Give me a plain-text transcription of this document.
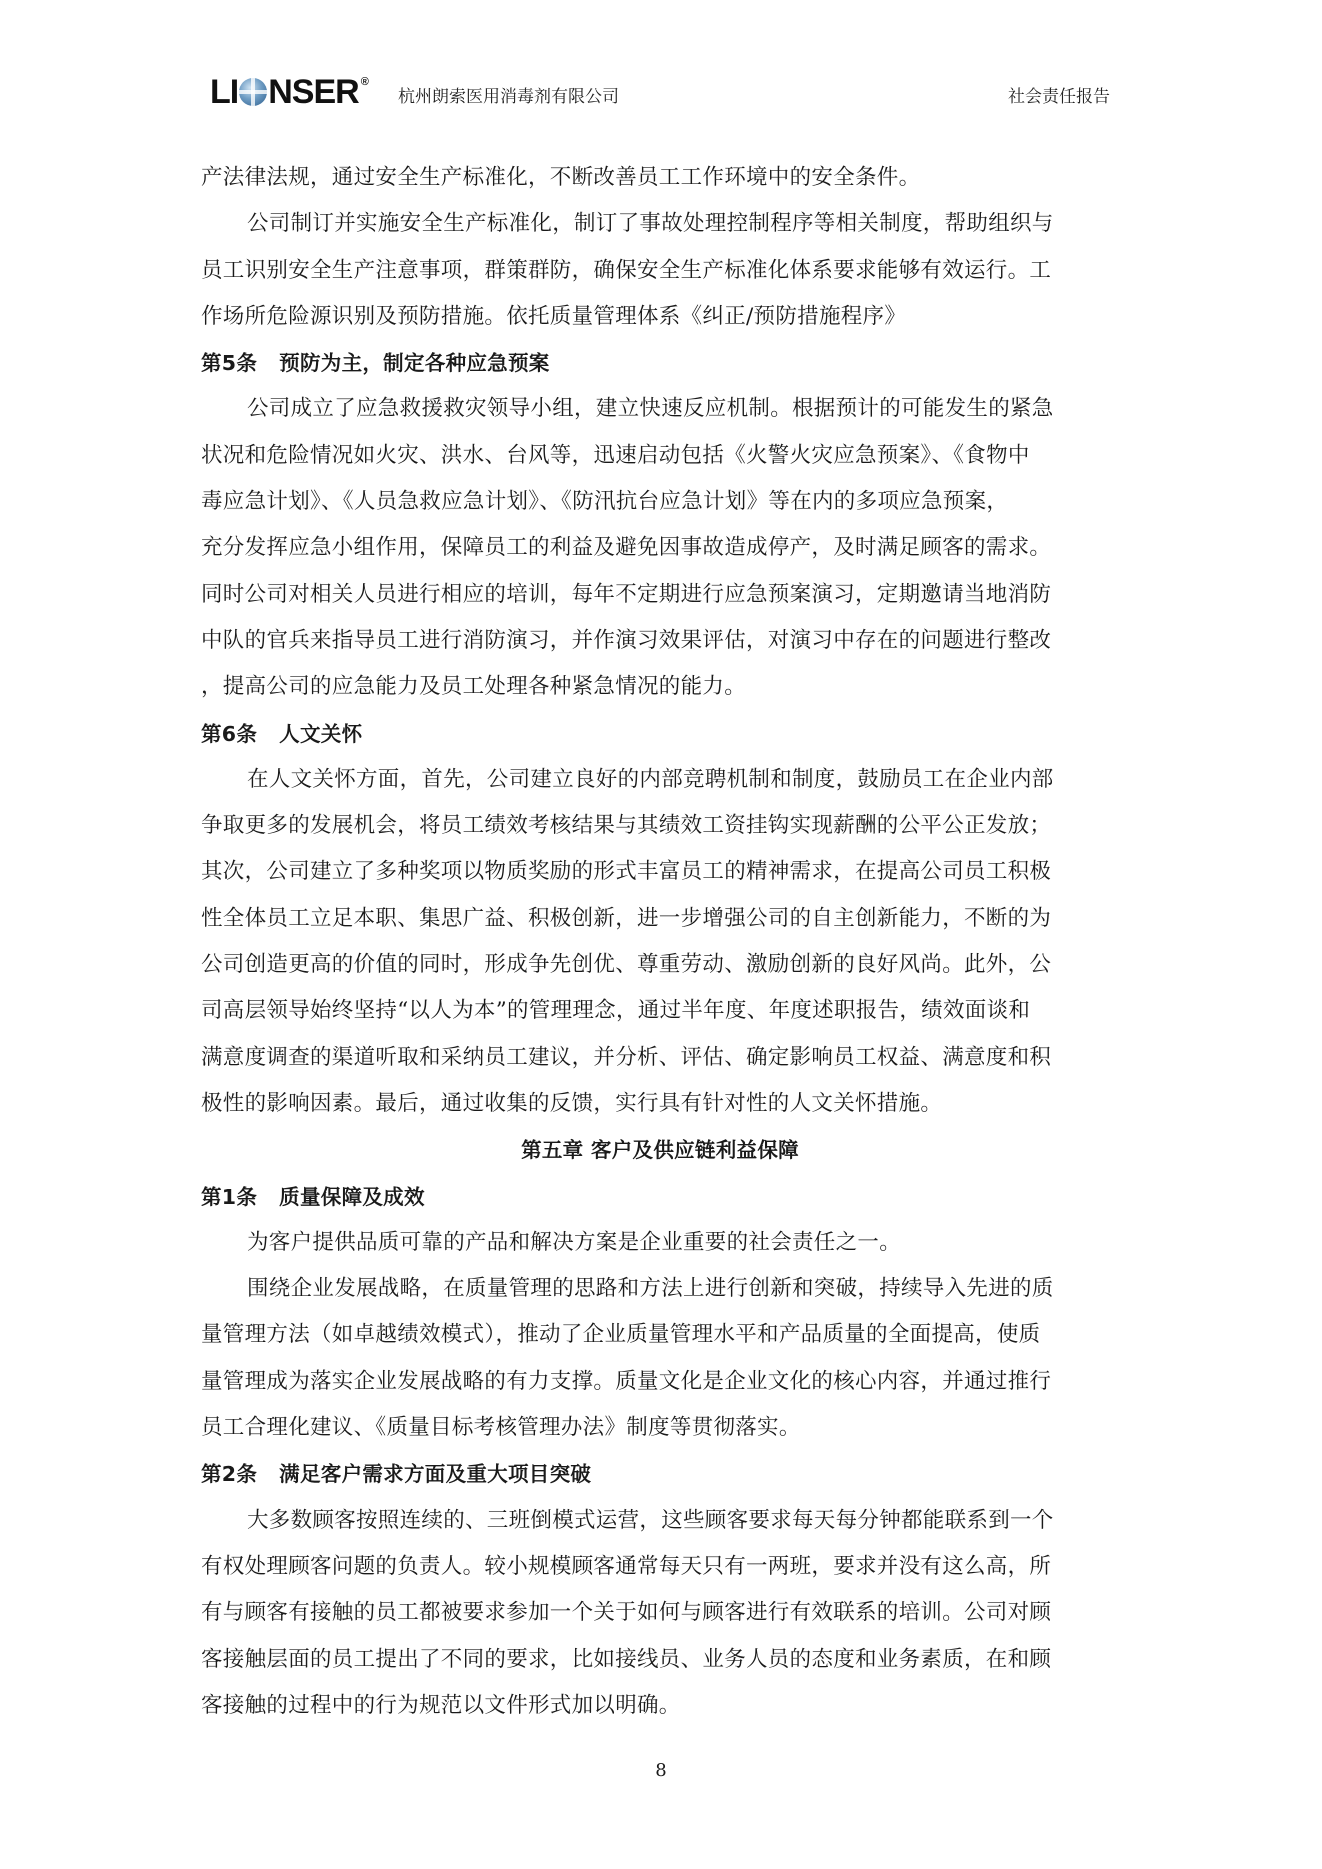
LI NSER ®
杭州朗索医用消毒剂有限公司	社会责任报告
产法律法规，通过安全生产标准化，不断改善员工工作环境中的安全条件。
公司制订并实施安全生产标准化，制订了事故处理控制程序等相关制度，帮助组织与
员工识别安全生产注意事项，群策群防，确保安全生产标准化体系要求能够有效运行。工
作场所危险源识别及预防措施。依托质量管理体系《纠正/预防措施程序》
第5条 预防为主，制定各种应急预案
公司成立了应急救援救灾领导小组，建立快速反应机制。根据预计的可能发生的紧急
状况和危险情况如火灾、洪水、台风等，迅速启动包括《火警火灾应急预案》、《食物中
毒应急计划》、《人员急救应急计划》、《防汛抗台应急计划》等在内的多项应急预案，
充分发挥应急小组作用，保障员工的利益及避免因事故造成停产，及时满足顾客的需求。
同时公司对相关人员进行相应的培训，每年不定期进行应急预案演习，定期邀请当地消防
中队的官兵来指导员工进行消防演习，并作演习效果评估，对演习中存在的问题进行整改
，提高公司的应急能力及员工处理各种紧急情况的能力。
第6条 人文关怀
在人文关怀方面，首先，公司建立良好的内部竞聘机制和制度，鼓励员工在企业内部
争取更多的发展机会，将员工绩效考核结果与其绩效工资挂钩实现薪酬的公平公正发放；
其次，公司建立了多种奖项以物质奖励的形式丰富员工的精神需求，在提高公司员工积极
性全体员工立足本职、集思广益、积极创新，进一步增强公司的自主创新能力，不断的为
公司创造更高的价值的同时，形成争先创优、尊重劳动、激励创新的良好风尚。此外，公
司高层领导始终坚持“以人为本”的管理理念，通过半年度、年度述职报告，绩效面谈和
满意度调查的渠道听取和采纳员工建议，并分析、评估、确定影响员工权益、满意度和积
极性的影响因素。最后，通过收集的反馈，实行具有针对性的人文关怀措施。
第五章 客户及供应链利益保障
第1条 质量保障及成效
为客户提供品质可靠的产品和解决方案是企业重要的社会责任之一。
围绕企业发展战略，在质量管理的思路和方法上进行创新和突破，持续导入先进的质
量管理方法（如卓越绩效模式），推动了企业质量管理水平和产品质量的全面提高，使质
量管理成为落实企业发展战略的有力支撑。质量文化是企业文化的核心内容，并通过推行
员工合理化建议、《质量目标考核管理办法》制度等贯彻落实。
第2条 满足客户需求方面及重大项目突破
大多数顾客按照连续的、三班倒模式运营，这些顾客要求每天每分钟都能联系到一个
有权处理顾客问题的负责人。较小规模顾客通常每天只有一两班，要求并没有这么高，所
有与顾客有接触的员工都被要求参加一个关于如何与顾客进行有效联系的培训。公司对顾
客接触层面的员工提出了不同的要求，比如接线员、业务人员的态度和业务素质，在和顾
客接触的过程中的行为规范以文件形式加以明确。
8
